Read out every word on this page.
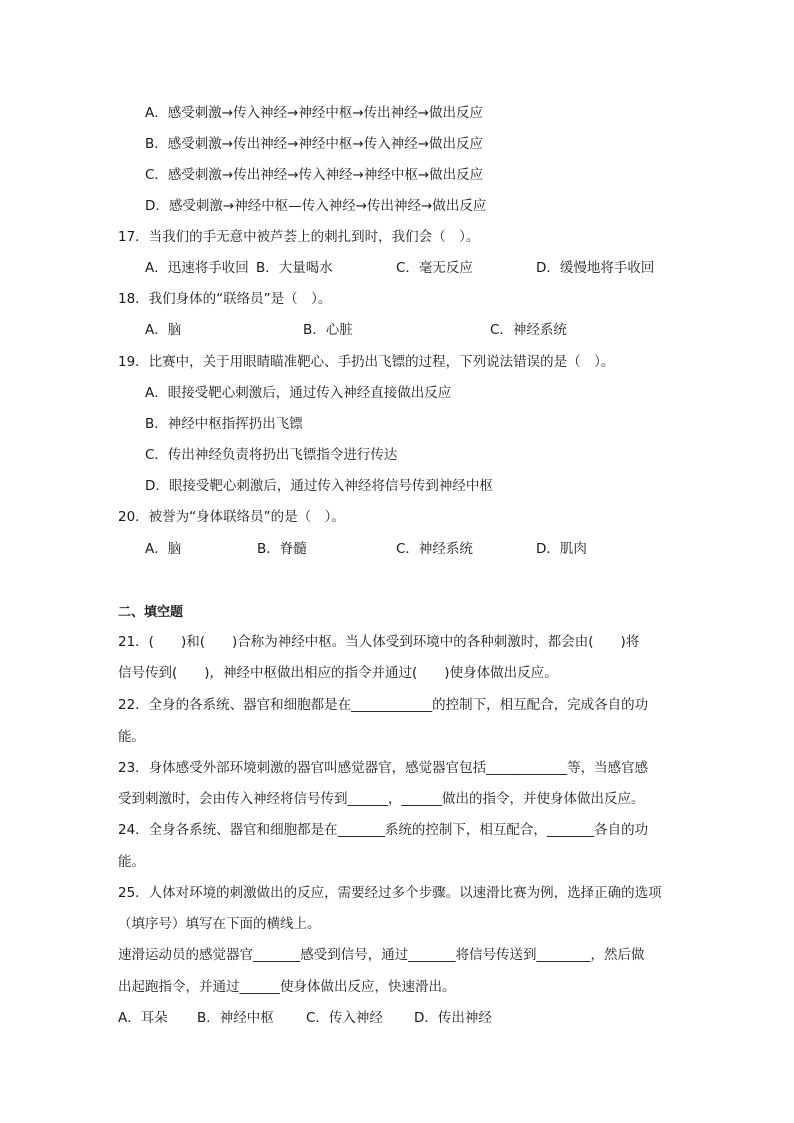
A．感受刺激→传入神经→神经中枢→传出神经→做出反应
B．感受刺激→传出神经→神经中枢→传入神经→做出反应
C．感受刺激→传出神经→传入神经→神经中枢→做出反应
D．感受刺激→神经中枢—传入神经→传出神经→做出反应
17．当我们的手无意中被芦荟上的刺扎到时，我们会（　）。
A．迅速将手收回 B．大量喝水	C．毫无反应	D．缓慢地将手收回
18．我们身体的“联络员”是（　）。
A．脑	B．心脏	C．神经系统
19．比赛中，关于用眼睛瞄准靶心、手扔出飞镖的过程，下列说法错误的是（　）。
A．眼接受靶心刺激后，通过传入神经直接做出反应
B．神经中枢指挥扔出飞镖
C．传出神经负责将扔出飞镖指令进行传达
D．眼接受靶心刺激后，通过传入神经将信号传到神经中枢
20．被誉为“身体联络员”的是（　）。
A．脑	B．脊髓	C．神经系统	D．肌肉
二、填空题
21．(　　)和(　　)合称为神经中枢。当人体受到环境中的各种刺激时，都会由(　　)将
信号传到(　　)，神经中枢做出相应的指令并通过(　　)使身体做出反应。
22．全身的各系统、器官和细胞都是在____________的控制下，相互配合，完成各自的功
能。
23．身体感受外部环境刺激的器官叫感觉器官，感觉器官包括____________等，当感官感
受到刺激时，会由传入神经将信号传到______，______做出的指令，并使身体做出反应。
24．全身各系统、器官和细胞都是在_______系统的控制下，相互配合，_______各自的功
能。
25．人体对环境的刺激做出的反应，需要经过多个步骤。以速滑比赛为例，选择正确的选项
（填序号）填写在下面的横线上。
速滑运动员的感觉器官_______感受到信号，通过_______将信号传送到________，然后做
出起跑指令，并通过______使身体做出反应，快速滑出。
A．耳朵 B．神经中枢 C．传入神经 D．传出神经
